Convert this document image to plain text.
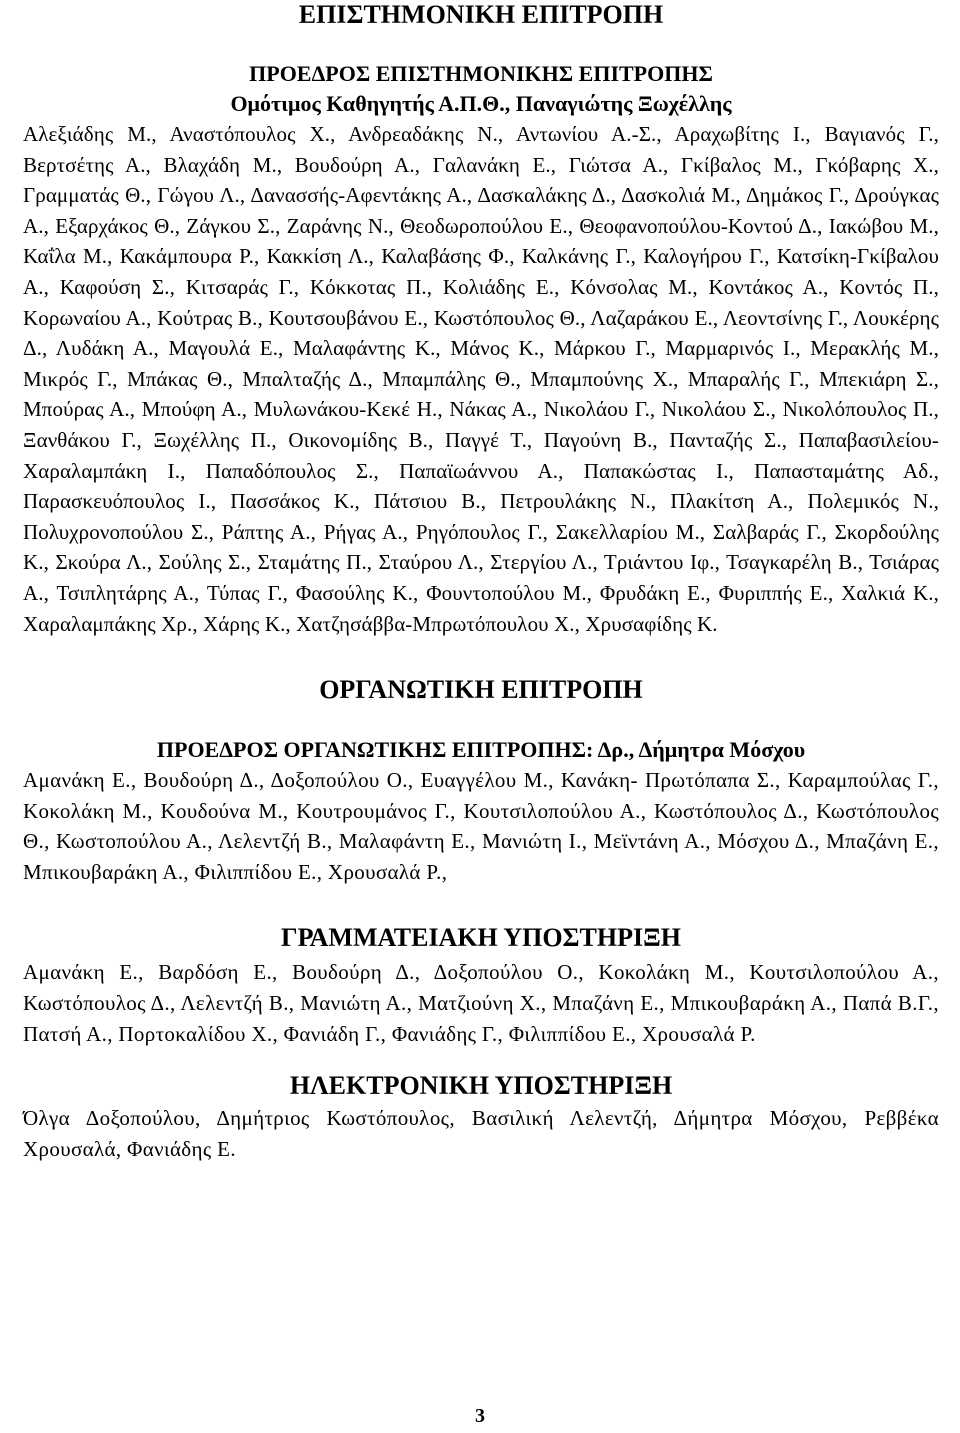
ΕΠΙΣΤΗΜΟΝΙΚΗ ΕΠΙΤΡΟΠΗ
ΠΡΟΕΔΡΟΣ ΕΠΙΣΤΗΜΟΝΙΚΗΣ ΕΠΙΤΡΟΠΗΣ
Ομότιμος Καθηγητής Α.Π.Θ., Παναγιώτης Ξωχέλλης

Αλεξιάδης Μ., Αναστόπουλος Χ., Ανδρεαδάκης Ν., Αντωνίου Α.-Σ., Αραχωβίτης Ι., Βαγιανός Γ., Βερτσέτης Α., Βλαχάδη Μ., Βουδούρη Α., Γαλανάκη Ε., Γιώτσα Α., Γκίβαλος Μ., Γκόβαρης Χ., Γραμματάς Θ., Γώγου Λ., Δανασσής-Αφεντάκης Α., Δασκαλάκης Δ., Δασκολιά Μ., Δημάκος Γ., Δρούγκας Α., Εξαρχάκος Θ., Ζάγκου Σ., Ζαράνης Ν., Θεοδωροπούλου Ε., Θεοφανοπούλου-Κοντού Δ., Ιακώβου Μ., Καΐλα Μ., Κακάμπουρα Ρ., Κακκίση Λ., Καλαβάσης Φ., Καλκάνης Γ., Καλογήρου Γ., Κατσίκη-Γκίβαλου Α., Καφούση Σ., Κιτσαράς Γ., Κόκκοτας Π., Κολιάδης Ε., Κόνσολας Μ., Κοντάκος Α., Κοντός Π., Κορωναίου Α., Κούτρας Β., Κουτσουβάνου Ε., Κωστόπουλος Θ., Λαζαράκου Ε., Λεοντσίνης Γ., Λουκέρης Δ., Λυδάκη Α., Μαγουλά Ε., Μαλαφάντης Κ., Μάνος Κ., Μάρκου Γ., Μαρμαρινός Ι., Μερακλής Μ., Μικρός Γ., Μπάκας Θ., Μπαλταζής Δ., Μπαμπάλης Θ., Μπαμπούνης Χ., Μπαραλής Γ., Μπεκιάρη Σ., Μπούρας Α., Μπούφη Α., Μυλωνάκου-Κεκέ Η., Νάκας Α., Νικολάου Γ., Νικολάου Σ., Νικολόπουλος Π., Ξανθάκου Γ., Ξωχέλλης Π., Οικονομίδης Β., Παγγέ Τ., Παγούνη Β., Πανταζής Σ., Παπαβασιλείου-Χαραλαμπάκη Ι., Παπαδόπουλος Σ., Παπαϊωάννου Α., Παπακώστας Ι., Παπασταμάτης Αδ., Παρασκευόπουλος Ι., Πασσάκος Κ., Πάτσιου Β., Πετρουλάκης Ν., Πλακίτση Α., Πολεμικός Ν., Πολυχρονοπούλου Σ., Ράπτης Α., Ρήγας Α., Ρηγόπουλος Γ., Σακελλαρίου Μ., Σαλβαράς Γ., Σκορδούλης Κ., Σκούρα Λ., Σούλης Σ., Σταμάτης Π., Σταύρου Λ., Στεργίου Λ., Τριάντου Ιφ., Τσαγκαρέλη Β., Τσιάρας Α., Τσιπλητάρης Α., Τύπας Γ., Φασούλης Κ., Φουντοπούλου Μ., Φρυδάκη Ε., Φυριππής Ε., Χαλκιά Κ., Χαραλαμπάκης Χρ., Χάρης Κ., Χατζησάββα-Μπρωτόπουλου Χ., Χρυσαφίδης Κ.

ΟΡΓΑΝΩΤΙΚΗ ΕΠΙΤΡΟΠΗ
ΠΡΟΕΔΡΟΣ ΟΡΓΑΝΩΤΙΚΗΣ ΕΠΙΤΡΟΠΗΣ: Δρ., Δήμητρα Μόσχου

Αμανάκη Ε., Βουδούρη Δ., Δοξοπούλου Ο., Ευαγγέλου Μ., Κανάκη- Πρωτόπαπα Σ., Καραμπούλας Γ., Κοκολάκη Μ., Κουδούνα Μ., Κουτρουμάνος Γ., Κουτσιλοπούλου Α., Κωστόπουλος Δ., Κωστόπουλος Θ., Κωστοπούλου Α., Λελεντζή Β., Μαλαφάντη Ε., Μανιώτη Ι., Μεϊντάνη Α., Μόσχου Δ., Μπαζάνη Ε., Μπικουβαράκη Α., Φιλιππίδου Ε., Χρουσαλά Ρ.,

ΓΡΑΜΜΑΤΕΙΑΚΗ ΥΠΟΣΤΗΡΙΞΗ

Αμανάκη Ε., Βαρδόση Ε., Βουδούρη Δ., Δοξοπούλου Ο., Κοκολάκη Μ., Κουτσιλοπούλου Α., Κωστόπουλος Δ., Λελεντζή Β., Μανιώτη Α., Ματζιούνη Χ., Μπαζάνη Ε., Μπικουβαράκη Α., Παπά Β.Γ., Πατσή Α., Πορτοκαλίδου Χ., Φανιάδη Γ., Φανιάδης Γ., Φιλιππίδου Ε., Χρουσαλά Ρ.

ΗΛΕΚΤΡΟΝΙΚΗ ΥΠΟΣΤΗΡΙΞΗ

Όλγα Δοξοπούλου, Δημήτριος Κωστόπουλος, Βασιλική Λελεντζή, Δήμητρα Μόσχου, Ρεββέκα Χρουσαλά, Φανιάδης Ε.

3
